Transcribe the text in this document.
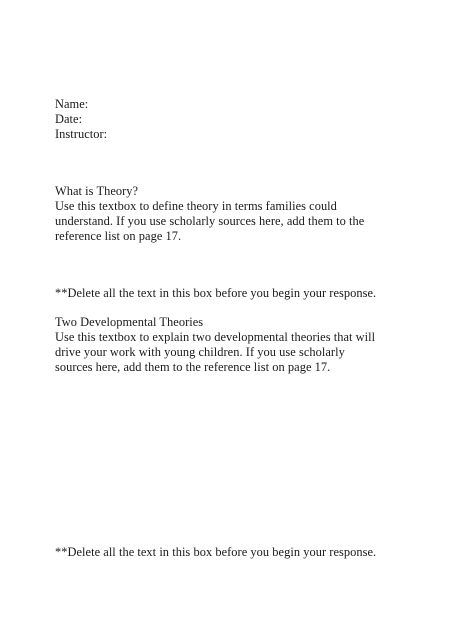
Name:
Date:
Instructor:
What is Theory?
Use this textbox to define theory in terms families could
understand. If you use scholarly sources here, add them to the
reference list on page 17.
**Delete all the text in this box before you begin your response.
Two Developmental Theories
Use this textbox to explain two developmental theories that will
drive your work with young children. If you use scholarly
sources here, add them to the reference list on page 17.
**Delete all the text in this box before you begin your response.
